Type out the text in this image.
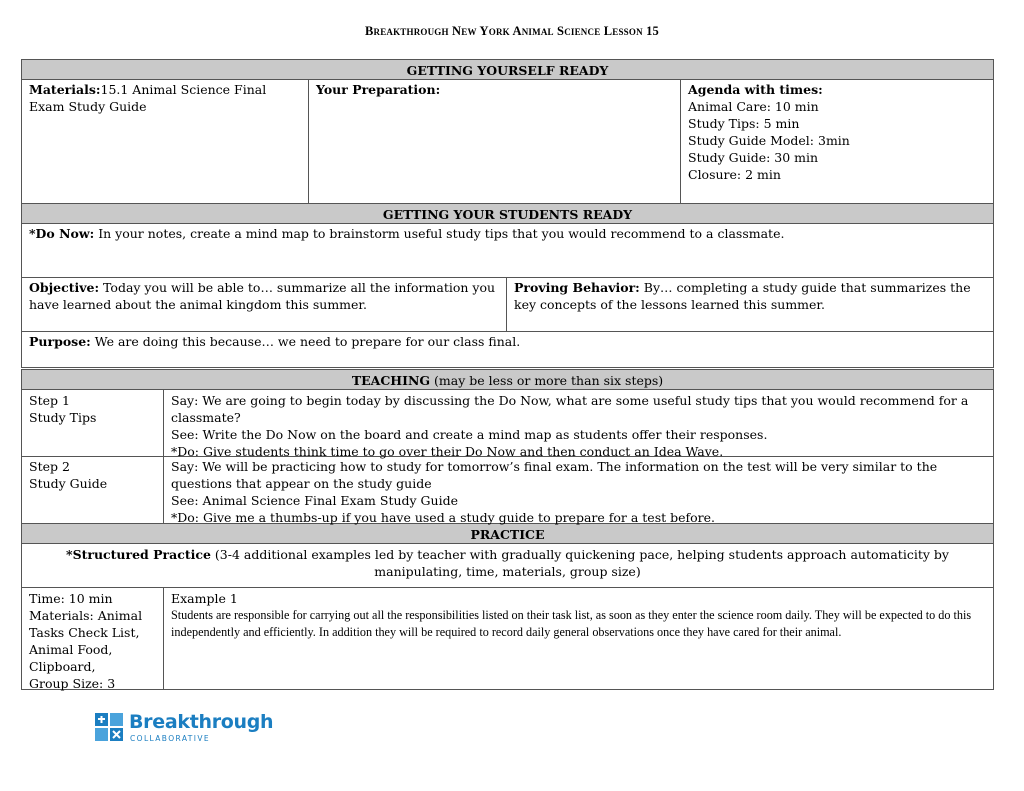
Breakthrough New York Animal Science Lesson 15
GETTING YOURSELF READY
Materials:15.1 Animal Science Final Exam Study Guide
Your Preparation:	Agenda with times:
Animal Care: 10 min
Study Tips: 5 min
Study Guide Model: 3min
Study Guide: 30 min
Closure: 2 min
GETTING YOUR STUDENTS READY
*Do Now: In your notes, create a mind map to brainstorm useful study tips that you would recommend to a classmate.
Objective: Today you will be able to… summarize all the information you have learned about the animal kingdom this summer.
Proving Behavior: By… completing a study guide that summarizes the key concepts of the lessons learned this summer.
Purpose: We are doing this because… we need to prepare for our class final.
TEACHING (may be less or more than six steps)
Step 1
Study Tips
Say: We are going to begin today by discussing the Do Now, what are some useful study tips that you would recommend for a classmate?
See: Write the Do Now on the board and create a mind map as students offer their responses.
*Do: Give students think time to go over their Do Now and then conduct an Idea Wave.
Step 2
Study Guide
Say: We will be practicing how to study for tomorrow’s final exam. The information on the test will be very similar to the questions that appear on the study guide
See: Animal Science Final Exam Study Guide
*Do: Give me a thumbs-up if you have used a study guide to prepare for a test before.
PRACTICE
*Structured Practice (3-4 additional examples led by teacher with gradually quickening pace, helping students approach automaticity by manipulating, time, materials, group size)
Time: 10 min
Materials: Animal Tasks Check List, Animal Food, Clipboard,
Group Size: 3
Example 1
Students are responsible for carrying out all the responsibilities listed on their task list, as soon as they enter the science room daily. They will be expected to do this independently and efficiently. In addition they will be required to record daily general observations once they have cared for their animal.
Breakthrough
COLLABORATIVE
